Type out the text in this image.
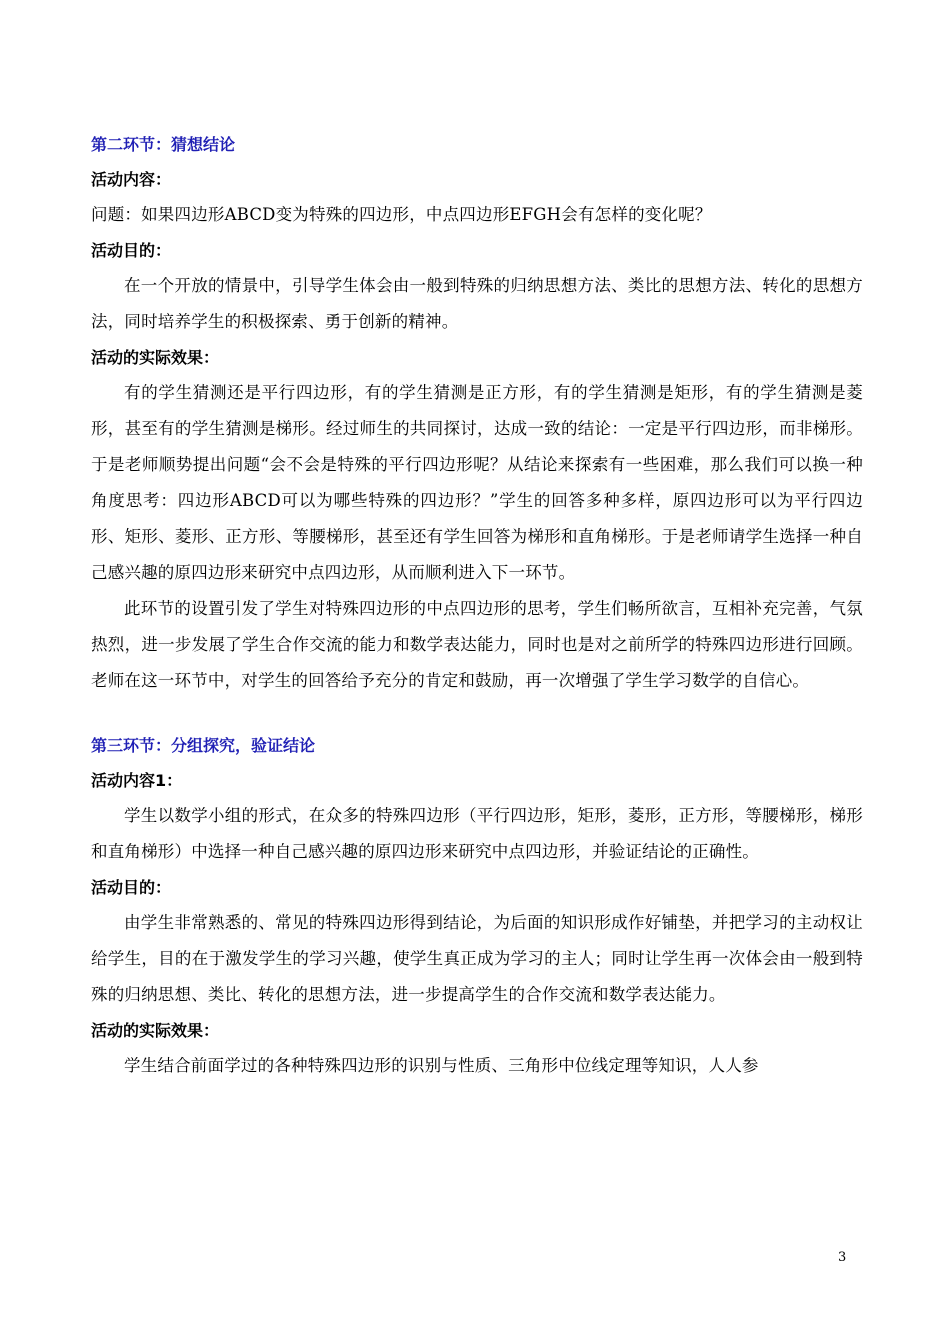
第二环节：猜想结论

活动内容：

问题：如果四边形ABCD变为特殊的四边形，中点四边形EFGH会有怎样的变化呢？

活动目的：

在一个开放的情景中，引导学生体会由一般到特殊的归纳思想方法、类比的思想方法、转化的思想方法，同时培养学生的积极探索、勇于创新的精神。

活动的实际效果：

有的学生猜测还是平行四边形，有的学生猜测是正方形，有的学生猜测是矩形，有的学生猜测是菱形，甚至有的学生猜测是梯形。经过师生的共同探讨，达成一致的结论：一定是平行四边形，而非梯形。于是老师顺势提出问题“会不会是特殊的平行四边形呢？从结论来探索有一些困难，那么我们可以换一种角度思考：四边形ABCD可以为哪些特殊的四边形？”学生的回答多种多样，原四边形可以为平行四边形、矩形、菱形、正方形、等腰梯形，甚至还有学生回答为梯形和直角梯形。于是老师请学生选择一种自己感兴趣的原四边形来研究中点四边形，从而顺利进入下一环节。

此环节的设置引发了学生对特殊四边形的中点四边形的思考，学生们畅所欲言，互相补充完善，气氛热烈，进一步发展了学生合作交流的能力和数学表达能力，同时也是对之前所学的特殊四边形进行回顾。老师在这一环节中，对学生的回答给予充分的肯定和鼓励，再一次增强了学生学习数学的自信心。

第三环节：分组探究，验证结论

活动内容1：

学生以数学小组的形式，在众多的特殊四边形（平行四边形，矩形，菱形，正方形，等腰梯形，梯形和直角梯形）中选择一种自己感兴趣的原四边形来研究中点四边形，并验证结论的正确性。

活动目的：

由学生非常熟悉的、常见的特殊四边形得到结论，为后面的知识形成作好铺垫，并把学习的主动权让给学生，目的在于激发学生的学习兴趣，使学生真正成为学习的主人；同时让学生再一次体会由一般到特殊的归纳思想、类比、转化的思想方法，进一步提高学生的合作交流和数学表达能力。

活动的实际效果：

学生结合前面学过的各种特殊四边形的识别与性质、三角形中位线定理等知识，人人参

3
